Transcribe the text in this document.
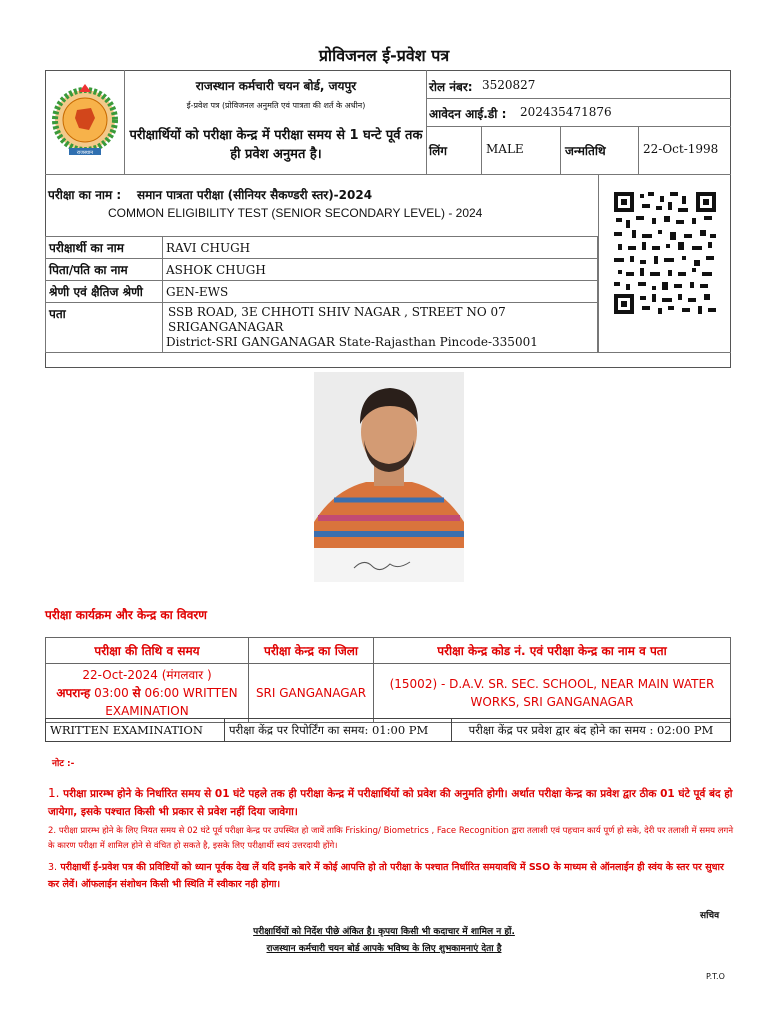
प्रोविजनल ई-प्रवेश पत्र
राजस्थान
राजस्थान कर्मचारी चयन बोर्ड, जयपुर
ई-प्रवेश पत्र (प्रोविजनल अनुमति एवं पात्रता की शर्त के अधीन)
परीक्षार्थियों को परीक्षा केन्द्र में परीक्षा समय से 1 घन्टे पूर्व तक ही प्रवेश अनुमत है।
रोल नंबर: 3520827
आवेदन आई.डी : 202435471876
लिंग	MALE	जन्मतिथि	22-Oct-1998
परीक्षा का नाम : समान पात्रता परीक्षा (सीनियर सैकण्डरी स्तर)-2024
COMMON ELIGIBILITY TEST (SENIOR SECONDARY LEVEL) - 2024
परीक्षार्थी का नाम	RAVI CHUGH
पिता/पति का नाम	ASHOK CHUGH
श्रेणी एवं क्षैतिज श्रेणी	GEN-EWS
पता	SSB ROAD, 3E CHHOTI SHIV NAGAR , STREET NO 07 SRIGANGANAGAR
District-SRI GANGANAGAR State-Rajasthan Pincode-335001
परीक्षा कार्यक्रम और केन्द्र का विवरण
परीक्षा की तिथि व समय	परीक्षा केन्द्र का जिला	परीक्षा केन्द्र कोड नं. एवं परीक्षा केन्द्र का नाम व पता

22-Oct-2024 (मंगलवार )
अपरान्ह 03:00 से 06:00 WRITTEN
EXAMINATION	SRI GANGANAGAR	(15002) - D.A.V. SR. SEC. SCHOOL, NEAR MAIN WATER WORKS, SRI GANGANAGAR
WRITTEN EXAMINATION	परीक्षा केंद्र पर रिपोर्टिंग का समय: 01:00 PM	परीक्षा केंद्र पर प्रवेश द्वार बंद होने का समय : 02:00 PM
नोट :-
1. परीक्षा प्रारम्भ होने के निर्धारित समय से 01 घंटे पहले तक ही परीक्षा केन्द्र में परीक्षार्थियों को प्रवेश की अनुमति होगी। अर्थात परीक्षा केन्द्र का प्रवेश द्वार ठीक 01 घंटे पूर्व बंद हो जायेगा, इसके पश्चात किसी भी प्रकार से प्रवेश नहीं दिया जावेगा।
2. परीक्षा प्रारम्भ होने के लिए नियत समय से 02 घंटे पूर्व परीक्षा केन्द्र पर उपस्थित हो जावें ताकि Frisking/ Biometrics , Face Recognition द्वारा तलाशी एवं पहचान कार्य पूर्ण हो सके, देरी पर तलाशी में समय लगने के कारण परीक्षा में शामिल होने से वंचित हो सकते है, इसके लिए परीक्षार्थी स्वयं उत्तरदायी होंगे।
3. परीक्षार्थी ई-प्रवेश पत्र की प्रविष्टियों को ध्यान पूर्वक देख लें यदि इनके बारे में कोई आपत्ति हो तो परीक्षा के पश्चात निर्धारित समयावधि में SSO के माध्यम से ऑनलाईन ही स्वंय के स्तर पर सुधार कर लेवें। ऑफलाईन संशोधन किसी भी स्थिति में स्वीकार नही होगा।
सचिव
परीक्षार्थियों को निर्देश पीछे अंकित है। कृपया किसी भी कदाचार में शामिल न हों.
राजस्थान कर्मचारी चयन बोर्ड आपके भविष्य के लिए शुभकामनाएं देता है
P.T.O
